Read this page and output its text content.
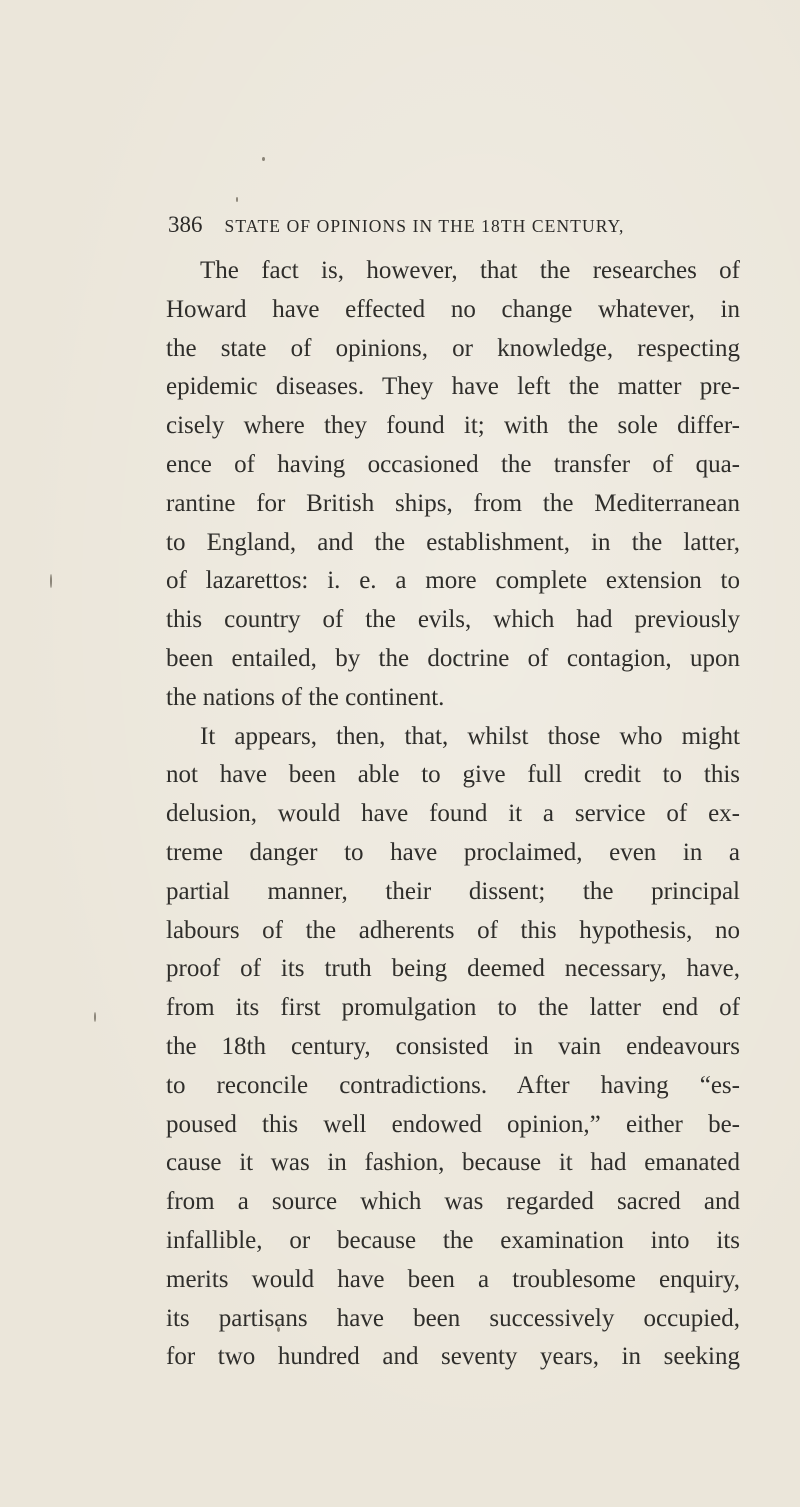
386 STATE OF OPINIONS IN THE 18TH CENTURY,

The fact is, however, that the researches of

Howard have effected no change whatever, in

the state of opinions, or knowledge, respecting

epidemic diseases. They have left the matter pre-

cisely where they found it; with the sole differ-

ence of having occasioned the transfer of qua-

rantine for British ships, from the Mediterranean

to England, and the establishment, in the latter,

of lazarettos: i. e. a more complete extension to

this country of the evils, which had previously

been entailed, by the doctrine of contagion, upon

the nations of the continent.

It appears, then, that, whilst those who might

not have been able to give full credit to this

delusion, would have found it a service of ex-

treme danger to have proclaimed, even in a

partial manner, their dissent; the principal

labours of the adherents of this hypothesis, no

proof of its truth being deemed necessary, have,

from its first promulgation to the latter end of

the 18th century, consisted in vain endeavours

to reconcile contradictions. After having “es-

poused this well endowed opinion,” either be-

cause it was in fashion, because it had emanated

from a source which was regarded sacred and

infallible, or because the examination into its

merits would have been a troublesome enquiry,

its partisans have been successively occupied,

for two hundred and seventy years, in seeking
